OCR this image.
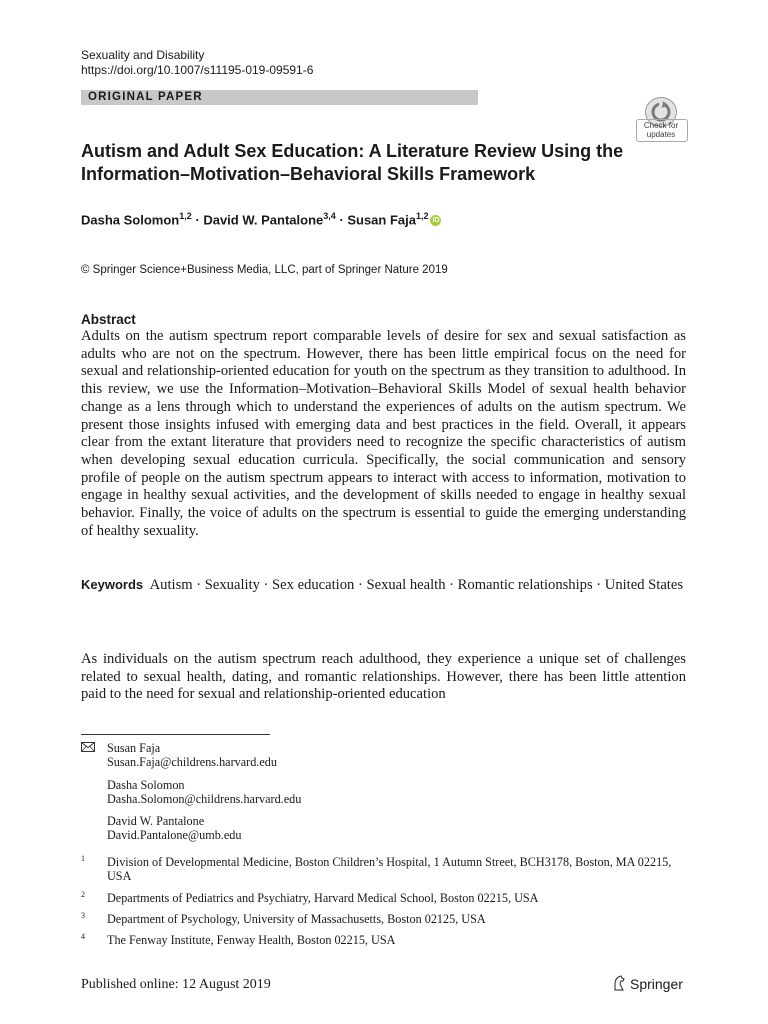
Sexuality and Disability
https://doi.org/10.1007/s11195-019-09591-6
ORIGINAL PAPER
Check for updates
Autism and Adult Sex Education: A Literature Review Using the Information–Motivation–Behavioral Skills Framework
Dasha Solomon$^{1,2}$ · David W. Pantalone$^{3,4}$ · Susan Faja$^{1,2}$ iD
© Springer Science+Business Media, LLC, part of Springer Nature 2019
Abstract
Adults on the autism spectrum report comparable levels of desire for sex and sexual satisfaction as adults who are not on the spectrum. However, there has been little empirical focus on the need for sexual and relationship-oriented education for youth on the spectrum as they transition to adulthood. In this review, we use the Information–Motivation–Behavioral Skills Model of sexual health behavior change as a lens through which to understand the experiences of adults on the autism spectrum. We present those insights infused with emerging data and best practices in the field. Overall, it appears clear from the extant literature that providers need to recognize the specific characteristics of autism when developing sexual education curricula. Specifically, the social communication and sensory profile of people on the autism spectrum appears to interact with access to information, motivation to engage in healthy sexual activities, and the development of skills needed to engage in healthy sexual behavior. Finally, the voice of adults on the spectrum is essential to guide the emerging understanding of healthy sexuality.
Keywords Autism · Sexuality · Sex education · Sexual health · Romantic relationships · United States
As individuals on the autism spectrum reach adulthood, they experience a unique set of challenges related to sexual health, dating, and romantic relationships. However, there has been little attention paid to the need for sexual and relationship-oriented education
Susan Faja
Susan.Faja@childrens.harvard.edu
Dasha Solomon
Dasha.Solomon@childrens.harvard.edu
David W. Pantalone
David.Pantalone@umb.edu
1 Division of Developmental Medicine, Boston Children’s Hospital, 1 Autumn Street, BCH3178, Boston, MA 02215, USA
2 Departments of Pediatrics and Psychiatry, Harvard Medical School, Boston 02215, USA
3 Department of Psychology, University of Massachusetts, Boston 02125, USA
4 The Fenway Institute, Fenway Health, Boston 02215, USA
Published online: 12 August 2019	Springer
